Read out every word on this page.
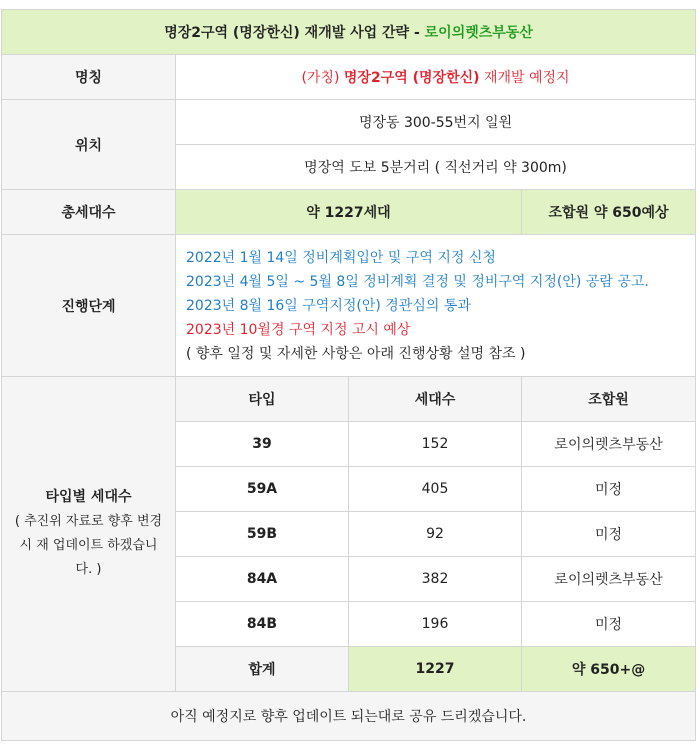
명장2구역 (명장한신) 재개발 사업 간략 - 로이의렛츠부동산			
명칭	(가칭) 명장2구역 (명장한신) 재개발 예정지		
위치	명장동 300-55번지 일원		
	명장역 도보 5분거리 ( 직선거리 약 300m)		
총세대수	약 1227세대		조합원 약 650예상
진행단계	2022년 1월 14일 정비계획입안 및 구역 지정 신청
2023년 4월 5일 ~ 5월 8일 정비계획 결정 및 정비구역 지정(안) 공람 공고.
2023년 8월 16일 구역지정(안) 경관심의 통과
2023년 10월경 구역 지정 고시 예상
( 향후 일정 및 자세한 사항은 아래 진행상황 설명 참조 )		

타입별 세대수
( 추진위 자료로 향후 변경시 재 업데이트 하겠습니다. )	타입	세대수	조합원
	39	152	로이의렛츠부동산
	59A	405	미정
	59B	92	미정
	84A	382	로이의렛츠부동산
	84B	196	미정
	합계	1227	약 650+@
아직 예정지로 향후 업데이트 되는대로 공유 드리겠습니다.			
